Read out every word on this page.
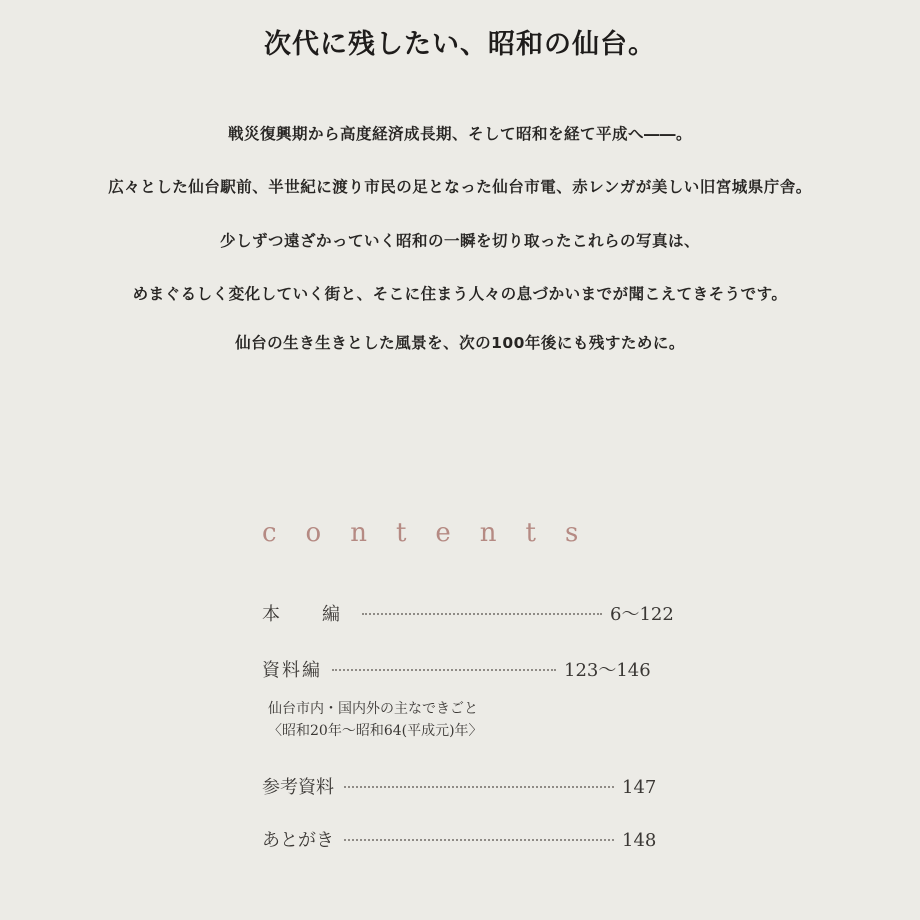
次代に残したい、昭和の仙台。

戦災復興期から高度経済成長期、そして昭和を経て平成へ――。

広々とした仙台駅前、半世紀に渡り市民の足となった仙台市電、赤レンガが美しい旧宮城県庁舎。

少しずつ遠ざかっていく昭和の一瞬を切り取ったこれらの写真は、

めまぐるしく変化していく街と、そこに住まう人々の息づかいまでが聞こえてきそうです。

仙台の生き生きとした風景を、次の100年後にも残すために。

contents
本　編	6〜122
資料編	123〜146

仙台市内・国内外の主なできごと

〈昭和20年〜昭和64(平成元)年〉

参考資料	147
あとがき	148
